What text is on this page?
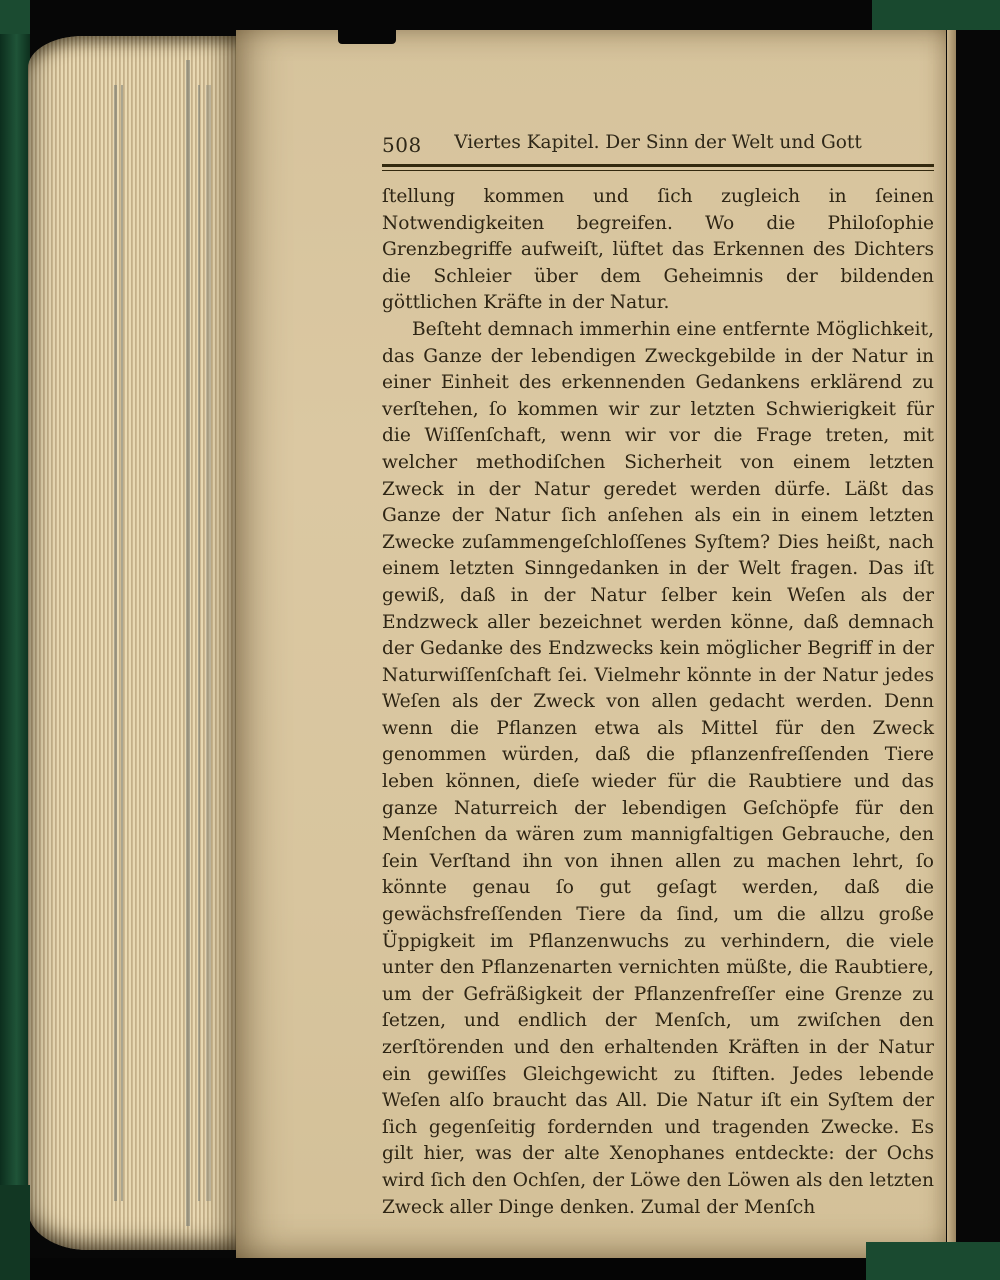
508	Viertes Kapitel. Der Sinn der Welt und Gott

ſtellung kommen und ſich zugleich in ſeinen Notwendigkeiten begreifen. Wo die Philoſophie Grenzbegriffe aufweiſt, lüftet das Erkennen des Dichters die Schleier über dem Geheimnis der bildenden göttlichen Kräfte in der Natur.

Beſteht demnach immerhin eine entfernte Möglichkeit, das Ganze der lebendigen Zweckgebilde in der Natur in einer Einheit des erkennenden Gedankens erklärend zu verſtehen, ſo kommen wir zur letzten Schwierigkeit für die Wiſſenſchaft, wenn wir vor die Frage treten, mit welcher methodiſchen Sicherheit von einem letzten Zweck in der Natur geredet werden dürfe. Läßt das Ganze der Natur ſich anſehen als ein in einem letzten Zwecke zuſammengeſchloſſenes Syſtem? Dies heißt, nach einem letzten Sinngedanken in der Welt fragen. Das iſt gewiß, daß in der Natur ſelber kein Weſen als der Endzweck aller bezeichnet werden könne, daß demnach der Gedanke des Endzwecks kein möglicher Begriff in der Naturwiſſenſchaft ſei. Vielmehr könnte in der Natur jedes Weſen als der Zweck von allen gedacht werden. Denn wenn die Pflanzen etwa als Mittel für den Zweck genommen würden, daß die pflanzenfreſſenden Tiere leben können, dieſe wieder für die Raubtiere und das ganze Naturreich der lebendigen Geſchöpfe für den Menſchen da wären zum mannigfaltigen Gebrauche, den ſein Verſtand ihn von ihnen allen zu machen lehrt, ſo könnte genau ſo gut geſagt werden, daß die gewächsfreſſenden Tiere da ſind, um die allzu große Üppigkeit im Pflanzenwuchs zu verhindern, die viele unter den Pflanzenarten vernichten müßte, die Raubtiere, um der Gefräßigkeit der Pflanzenfreſſer eine Grenze zu ſetzen, und endlich der Menſch, um zwiſchen den zerſtörenden und den erhaltenden Kräften in der Natur ein gewiſſes Gleichgewicht zu ſtiften. Jedes lebende Weſen alſo braucht das All. Die Natur iſt ein Syſtem der ſich gegenſeitig fordernden und tragenden Zwecke. Es gilt hier, was der alte Xenophanes entdeckte: der Ochs wird ſich den Ochſen, der Löwe den Löwen als den letzten Zweck aller Dinge denken. Zumal der Menſch
